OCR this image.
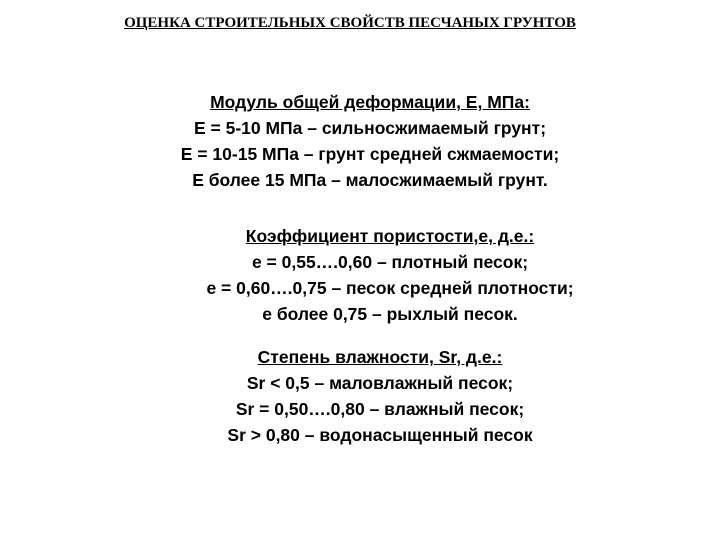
ОЦЕНКА СТРОИТЕЛЬНЫХ СВОЙСТВ ПЕСЧАНЫХ ГРУНТОВ
Модуль общей деформации, Е, МПа:
Е = 5-10 МПа – сильносжимаемый грунт;
Е = 10-15 МПа – грунт средней сжмаемости;
Е более 15 МПа – малосжимаемый грунт.
Коэффициент пористости,е, д.е.:
е = 0,55….0,60 – плотный песок;
е = 0,60….0,75 – песок средней плотности;
е более 0,75 – рыхлый песок.
Степень влажности, Sr, д.е.:
Sr < 0,5 – маловлажный песок;
Sr = 0,50….0,80 – влажный песок;
Sr > 0,80 – водонасыщенный песок
